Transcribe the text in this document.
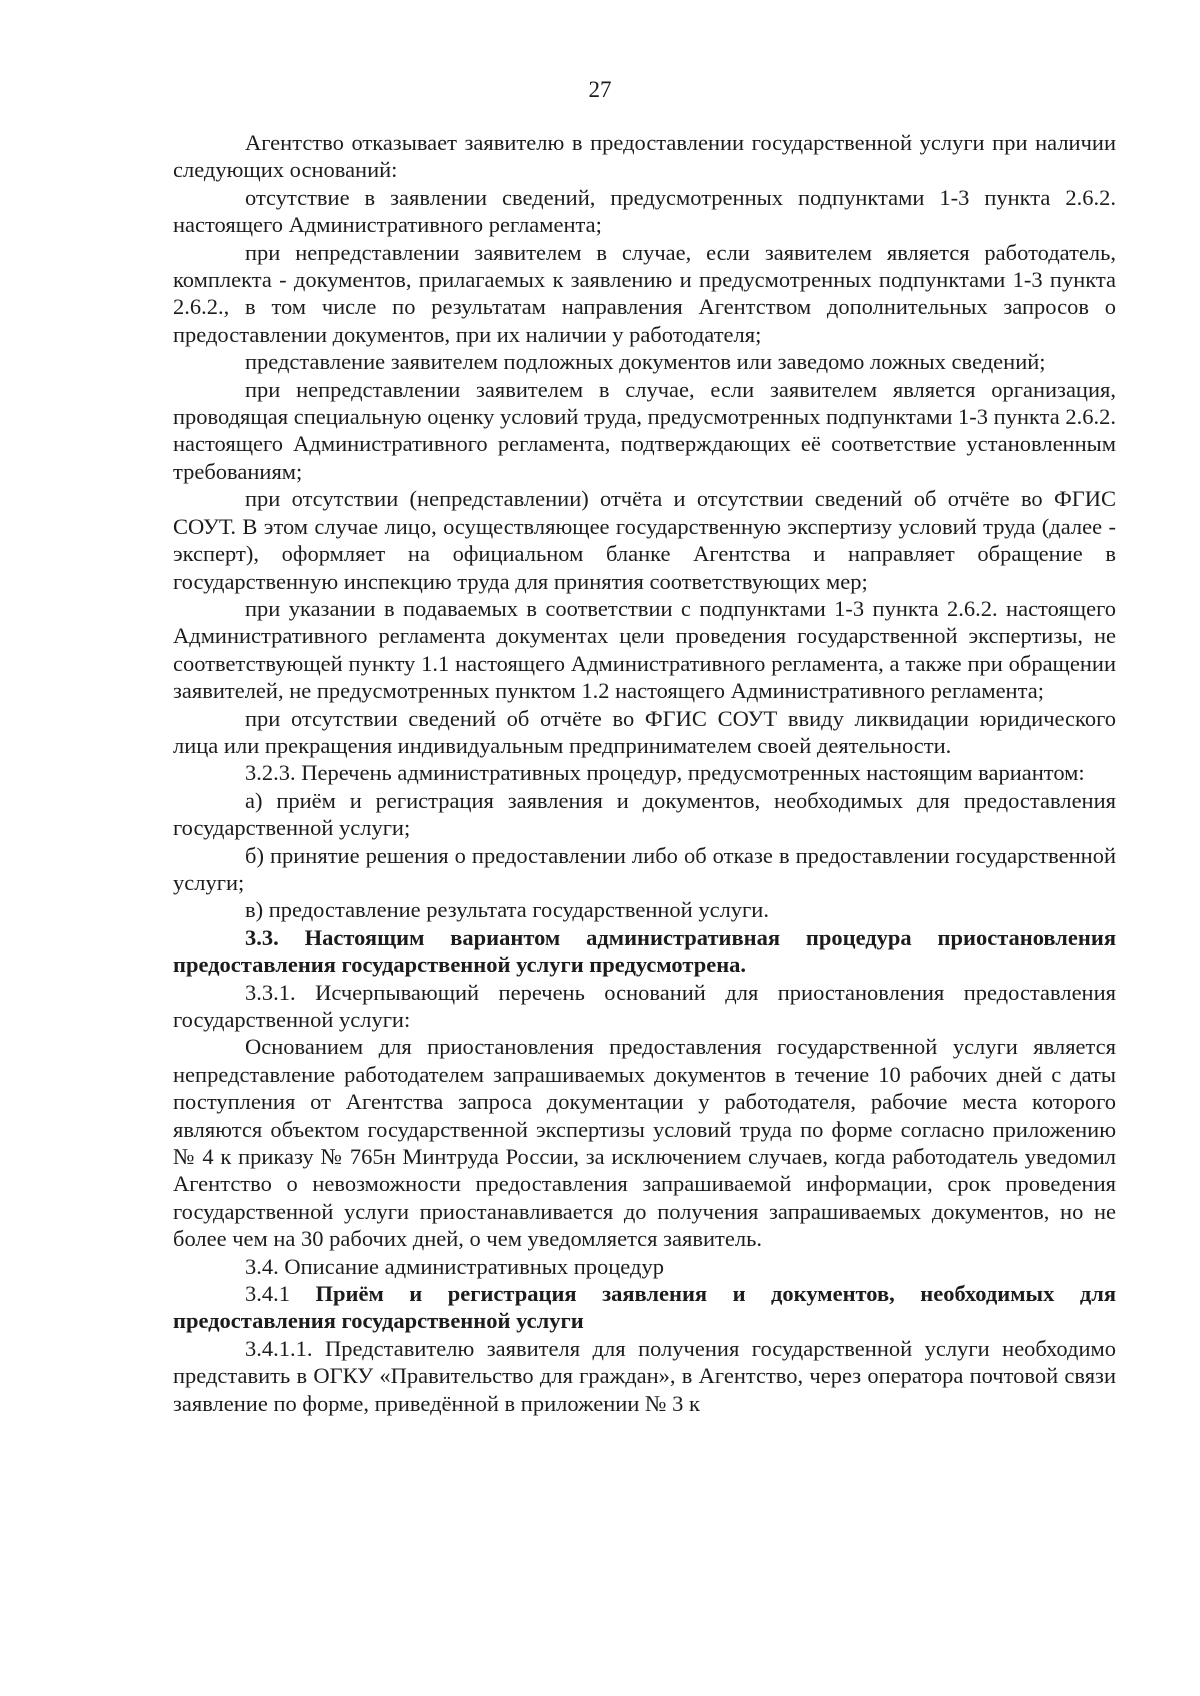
27

Агентство отказывает заявителю в предоставлении государственной услуги при наличии следующих оснований:

отсутствие в заявлении сведений, предусмотренных подпунктами 1-3 пункта 2.6.2. настоящего Административного регламента;

при непредставлении заявителем в случае, если заявителем является работодатель, комплекта - документов, прилагаемых к заявлению и предусмотренных подпунктами 1-3 пункта 2.6.2., в том числе по результатам направления Агентством дополнительных запросов о предоставлении документов, при их наличии у работодателя;

представление заявителем подложных документов или заведомо ложных сведений;

при непредставлении заявителем в случае, если заявителем является организация, проводящая специальную оценку условий труда, предусмотренных подпунктами 1-3 пункта 2.6.2. настоящего Административного регламента, подтверждающих её соответствие установленным требованиям;

при отсутствии (непредставлении) отчёта и отсутствии сведений об отчёте во ФГИС СОУТ. В этом случае лицо, осуществляющее государственную экспертизу условий труда (далее - эксперт), оформляет на официальном бланке Агентства и направляет обращение в государственную инспекцию труда для принятия соответствующих мер;

при указании в подаваемых в соответствии с подпунктами 1-3 пункта 2.6.2. настоящего Административного регламента документах цели проведения государственной экспертизы, не соответствующей пункту 1.1 настоящего Административного регламента, а также при обращении заявителей, не предусмотренных пунктом 1.2 настоящего Административного регламента;

при отсутствии сведений об отчёте во ФГИС СОУТ ввиду ликвидации юридического лица или прекращения индивидуальным предпринимателем своей деятельности.

3.2.3. Перечень административных процедур, предусмотренных настоящим вариантом:

а) приём и регистрация заявления и документов, необходимых для предоставления государственной услуги;

б) принятие решения о предоставлении либо об отказе в предоставлении государственной услуги;

в) предоставление результата государственной услуги.

3.3. Настоящим вариантом административная процедура приостановления предоставления государственной услуги предусмотрена.

3.3.1. Исчерпывающий перечень оснований для приостановления предоставления государственной услуги:

Основанием для приостановления предоставления государственной услуги является непредставление работодателем запрашиваемых документов в течение 10 рабочих дней с даты поступления от Агентства запроса документации у работодателя, рабочие места которого являются объектом государственной экспертизы условий труда по форме согласно приложению № 4 к приказу № 765н Минтруда России, за исключением случаев, когда работодатель уведомил Агентство о невозможности предоставления запрашиваемой информации, срок проведения государственной услуги приостанавливается до получения запрашиваемых документов, но не более чем на 30 рабочих дней, о чем уведомляется заявитель.

3.4. Описание административных процедур

3.4.1 Приём и регистрация заявления и документов, необходимых для предоставления государственной услуги

3.4.1.1. Представителю заявителя для получения государственной услуги необходимо представить в ОГКУ «Правительство для граждан», в Агентство, через оператора почтовой связи заявление по форме, приведённой в приложении № 3 к
